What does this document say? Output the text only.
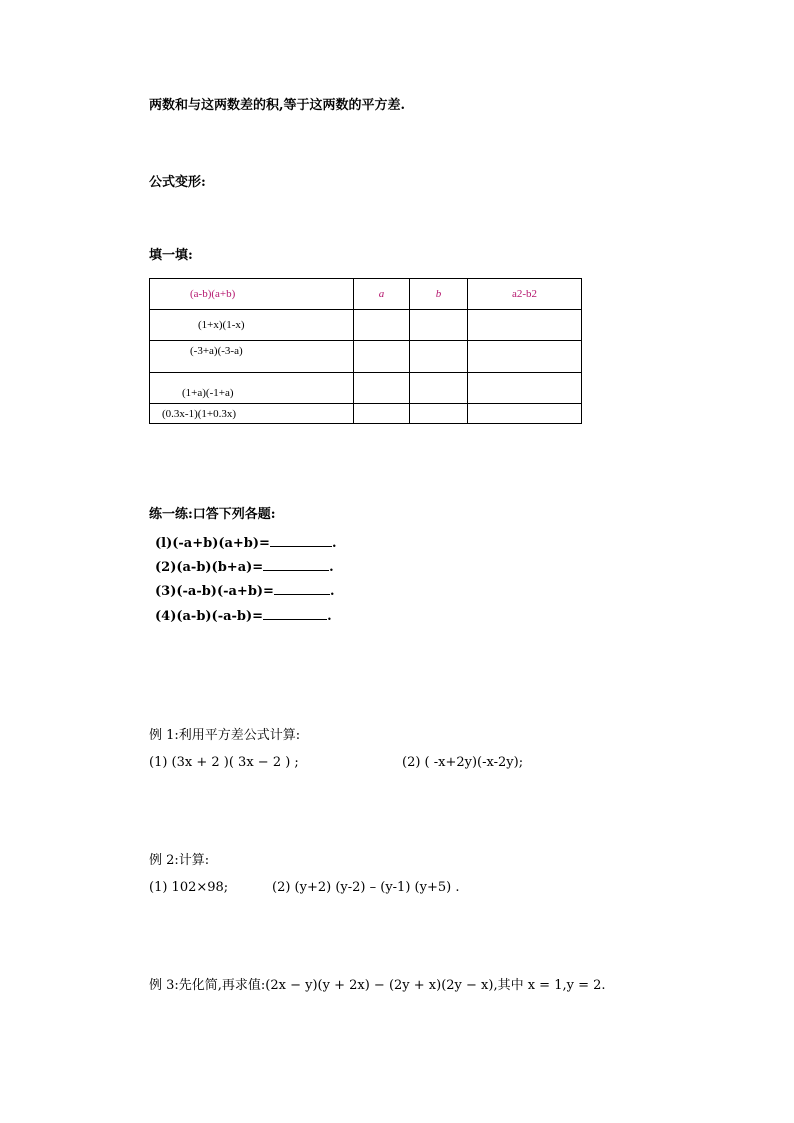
两数和与这两数差的积,等于这两数的平方差.
公式变形:
填一填:
(a-b)(a+b)	a	b	a2-b2
(1+x)(1-x)			
(-3+a)(-3-a)			
(1+a)(-1+a)			
(0.3x-1)(1+0.3x)			
练一练:口答下列各题:
(l)(-a+b)(a+b)=	.
(2)(a-b)(b+a)=	.
(3)(-a-b)(-a+b)=	.
(4)(a-b)(-a-b)=	.
例 1:利用平方差公式计算:
(1) (3x + 2 )( 3x − 2 ) ;	(2) ( -x+2y)(-x-2y);
例 2:计算:
(1) 102×98;	(2) (y+2) (y-2) – (y-1) (y+5) .
例 3:先化简,再求值:(2x − y)(y + 2x) − (2y + x)(2y − x),其中 x = 1,y = 2.
